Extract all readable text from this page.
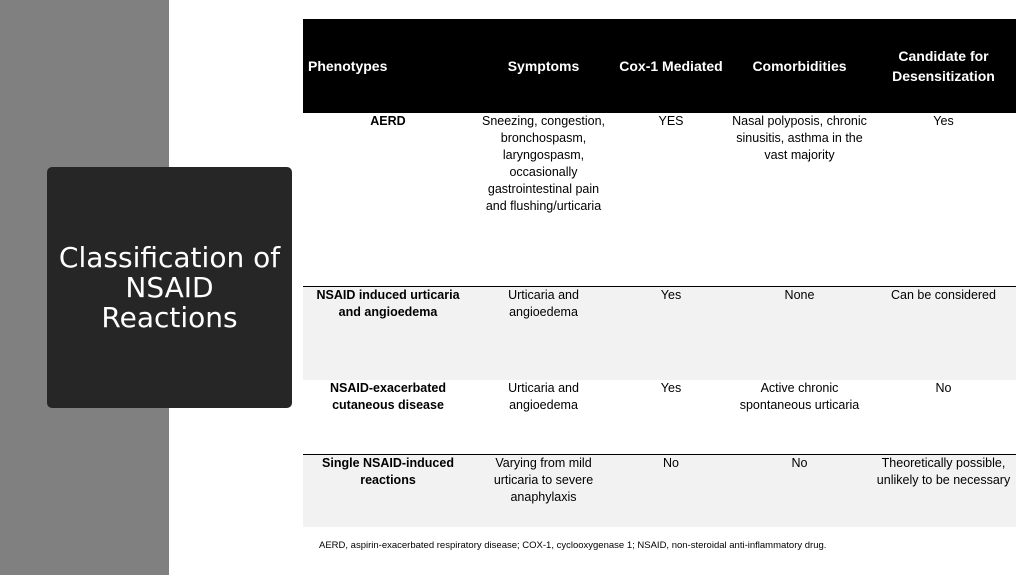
Classification of
NSAID
Reactions
Phenotypes	Symptoms	Cox-1 Mediated	Comorbidities	Candidate for Desensitization
AERD	Sneezing, congestion, bronchospasm, laryngospasm, occasionally gastrointestinal pain and flushing/urticaria	YES	Nasal polyposis, chronic sinusitis, asthma in the vast majority	Yes
NSAID induced urticaria and angioedema	Urticaria and angioedema	Yes	None	Can be considered
NSAID-exacerbated cutaneous disease	Urticaria and angioedema	Yes	Active chronic spontaneous urticaria	No
Single NSAID-induced reactions	Varying from mild urticaria to severe anaphylaxis	No	No	Theoretically possible, unlikely to be necessary
AERD, aspirin-exacerbated respiratory disease; COX-1, cyclooxygenase 1; NSAID, non-steroidal anti-inflammatory drug.
